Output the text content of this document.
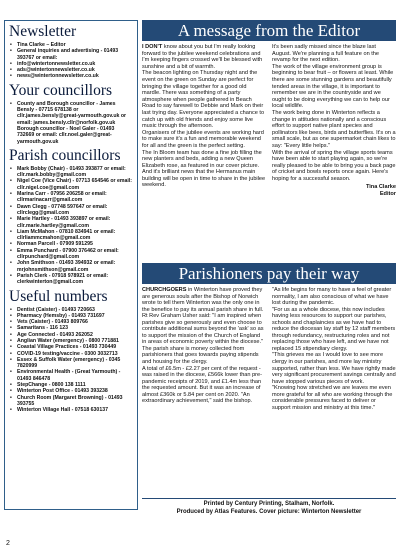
Newsletter
• Tina Clarke – Editor
• General inquiries and advertising - 01493 393767 or email:
• info@wintertonnewsletter.co.uk
• ads@wintertonnewsletter.co.uk
• news@wintertonnewsletter.co.uk
Your councillors
• County and Borough councillor - James Bensly - 07715 678138 or cllr.james.bensly@great-yarmouth.gov.uk or email: james.bensly.cllr@norfolk.gov.uk Borough councillor - Noel Galer - 01493 732669 or email: cllr.noel.galer@great-yarmouth.gov.uk
Parish councillors
• Mark Bobby (Chair) - 01493 393877 or email: cllr.mark.bobby@gmail.com
• Nigel Coe (Vice Chair) - 07713 654546 or email: cllr.nigel.coe@gmail.com
• Marina Carr - 07956 206258 or email: cllrmarinacarr@gmail.com
• Dawn Clegg - 07748 597647 or email: cllrclegg@gmail.com
• Marie Hartley - 01493 393897 or email: cllr.marie.hartley@gmail.com
• Liam McMahon - 07810 834941 or email: cllrliammcmahon@gmail.com
• Norman Parcell - 07909 591295
• Emma Punchard - 07900 376462 or email: cllrpunchard@gmail.com
• John Smithson - 01493 394932 or email: mrjohnsmithson@gmail.com
• Parish Clerk - 07918 978921 or email: clerkwinterton@gmail.com
Useful numbers
• Dentist (Caister) - 01493 720663
• Pharmacy (Hemsby) - 01493 731697
• Vets (Caister) - 01493 809766
• Samaritans - 116 123
• Age Connected - 01493 262052
• Anglian Water (emergency) - 0800 771881
• Coastal Village Practices - 01493 730449
• COVID-19 testing/vaccine - 0300 3032713
• Essex & Suffolk Water (emergency) - 0345 7820999
• Environmental Health - (Great Yarmouth) - 01493 846478
• StepChange - 0800 138 1111
• Winterton Post Office - 01493 393238
• Church Room (Margaret Browning) - 01493 393755
• Winterton Village Hall - 07518 630137
A message from the Editor

I DON'T know about you but I'm really looking forward to the jubilee weekend celebrations and I'm keeping fingers crossed we'll be blessed with sunshine and a bit of warmth.

The beacon lighting on Thursday night and the event on the green on Sunday are perfect for bringing the village together for a good old mardle. There was something of a party atmosphere when people gathered in Beach Road to say farewell to Debbie and Mark on their last trying day. Everyone appreciated a chance to catch up with old friends and enjoy some live music through the afternoon.

Organisers of the jubilee events are working hard to make sure it's a fun and memorable weekend for all and the green is the perfect setting.

The In Bloom team has done a fine job filling the new planters and beds, adding a new Queen Elizabeth rose, as featured in our cover picture.

And it's brilliant news that the Hermanus main building will be open in time to share in the jubilee weekend.

It's been sadly missed since the blaze last August. We're planning a full feature on the revamp for the next edition.

The work of the village environment group is beginning to bear fruit – or flowers at least. While there are some stunning gardens and beautifully tended areas in the village, it is important to remember we are in the countryside and we ought to be doing everything we can to help our local wildlife.

The work being done in Winterton reflects a change in attitudes nationally and a conscious effort to support native plant species and pollinators like bees, birds and butterflies. It's on a small scale, but as one supermarket chain likes to say: "Every little helps."

With the arrival of spring the village sports teams have been able to start playing again, so we're really pleased to be able to bring you a back page of cricket and bowls reports once again. Here's hoping for a successful season.

Tina Clarke
Editor
Parishioners pay their way

CHURCHGOERS in Winterton have proved they are generous souls after the Bishop of Norwich wrote to tell them Winterton was the only one in the benefice to pay its annual parish share in full.

Rt Rev Graham Usher said: "I am inspired when parishes give so generously and even choose to contribute additional sums beyond the 'ask' so as to support the mission of the Church of England in areas of economic poverty within the diocese."

The parish share is money collected from parishioners that goes towards paying stipends and housing for the clergy.

A total of £6.5m - £2.27 per cent of the request - was raised in the diocese, £566k lower than pre-pandemic receipts of 2019, and £1.4m less than the requested amount. But it was an increase of almost £360k or 5.84 per cent on 2020. "An extraordinary achievement," said the bishop.

"As life begins for many to have a feel of greater normality, I am also conscious of what we have lost during the pandemic.

"For us as a whole diocese, this now includes having less resources to support our parishes, schools and chaplaincies as we have had to reduce the diocesan lay staff by 12 staff members through redundancy, restructuring roles and not replacing those who have left, and we have not replaced 15 stipendiary clergy.

"This grieves me as I would love to see more clergy in our parishes, and more lay ministry supported, rather than less. We have rightly made very significant procurement savings centrally and have stopped various pieces of work.

"Knowing how stretched we are leaves me even more grateful for all who are working through the considerable pressures faced to deliver or support mission and ministry at this time."

Printed by Century Printing, Stalham, Norfolk.
Produced by Atlas Features. Cover picture: Winterton Newsletter
2
